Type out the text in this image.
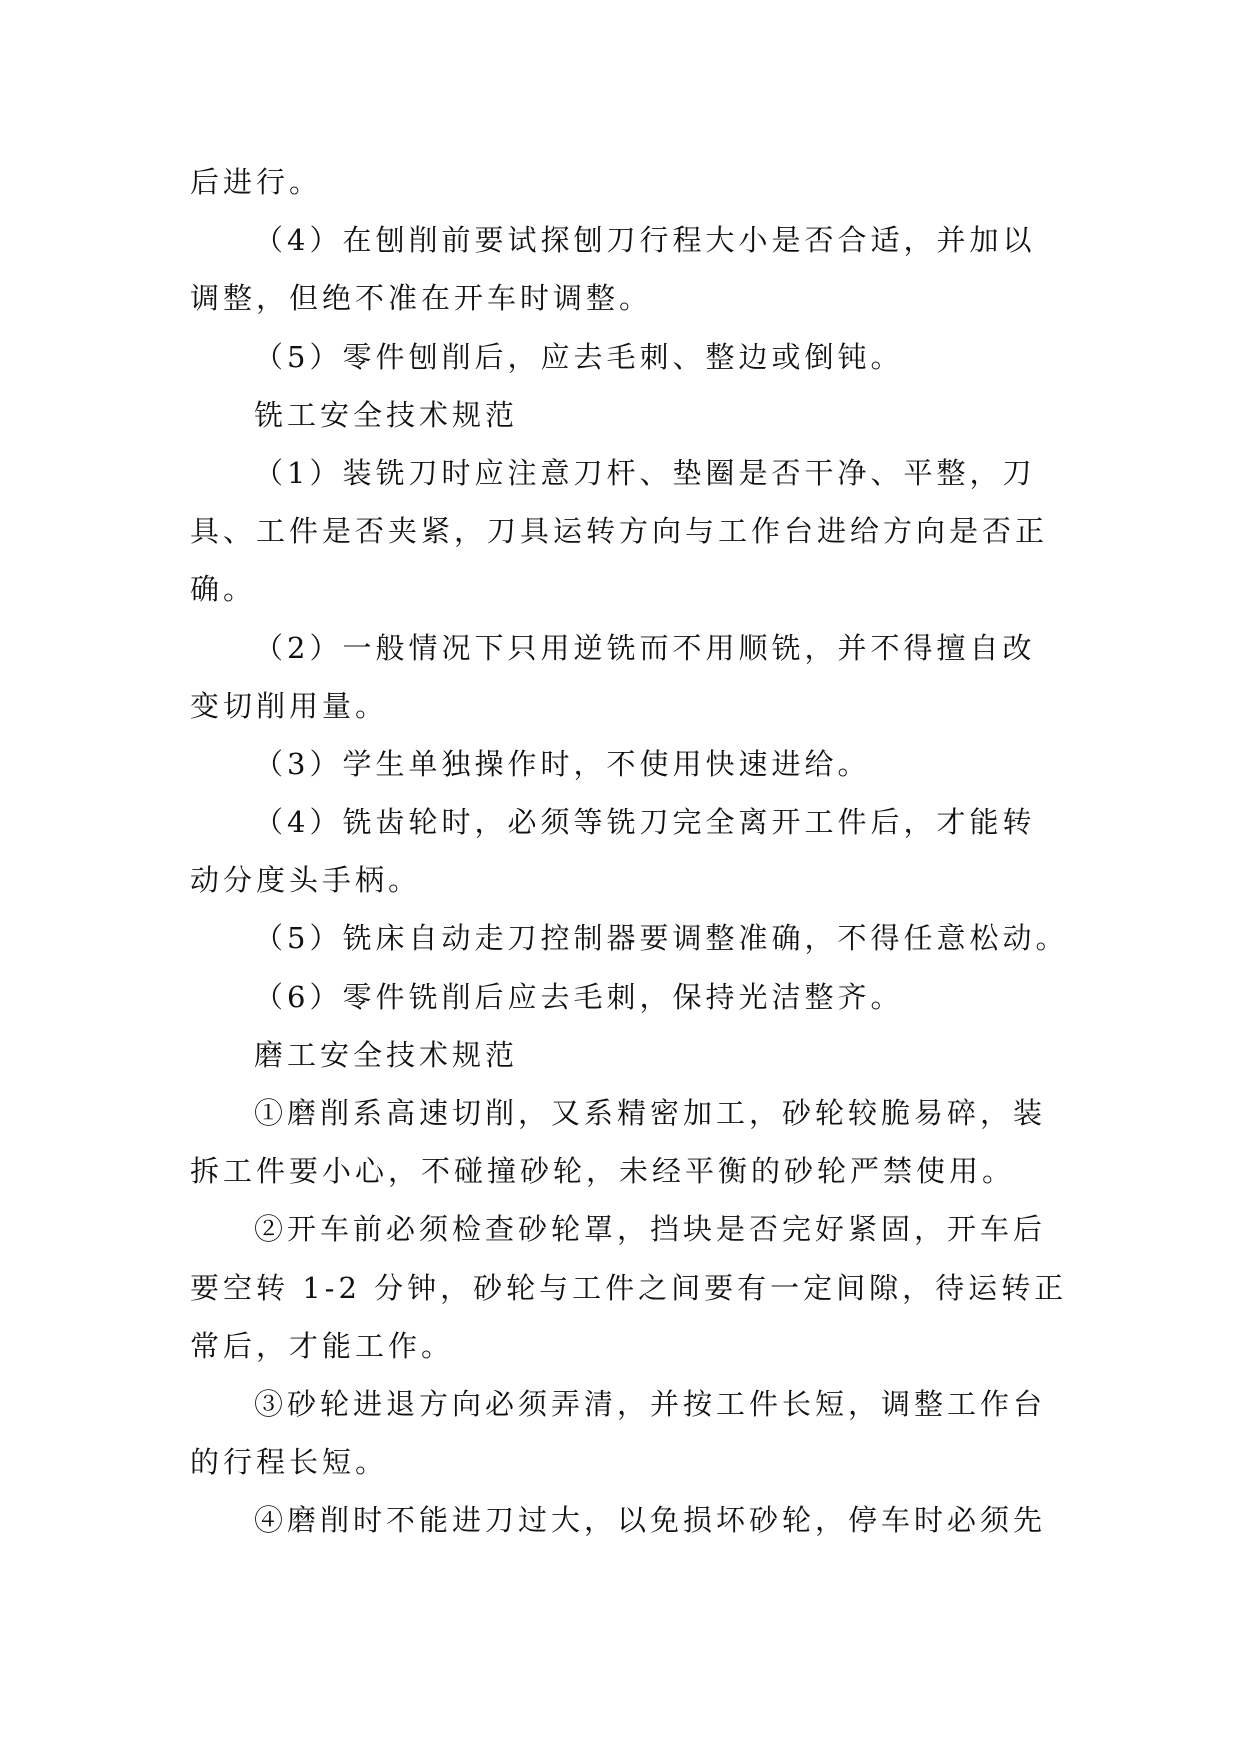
后进行。
（4）在刨削前要试探刨刀行程大小是否合适，并加以
调整，但绝不准在开车时调整。
（5）零件刨削后，应去毛刺、整边或倒钝。
铣工安全技术规范
（1）装铣刀时应注意刀杆、垫圈是否干净、平整，刀
具、工件是否夹紧，刀具运转方向与工作台进给方向是否正
确。
（2）一般情况下只用逆铣而不用顺铣，并不得擅自改
变切削用量。
（3）学生单独操作时，不使用快速进给。
（4）铣齿轮时，必须等铣刀完全离开工件后，才能转
动分度头手柄。
（5）铣床自动走刀控制器要调整准确，不得任意松动。
（6）零件铣削后应去毛刺，保持光洁整齐。
磨工安全技术规范
①磨削系高速切削，又系精密加工，砂轮较脆易碎，装
拆工件要小心，不碰撞砂轮，未经平衡的砂轮严禁使用。
②开车前必须检查砂轮罩，挡块是否完好紧固，开车后
要空转 1-2 分钟，砂轮与工件之间要有一定间隙，待运转正
常后，才能工作。
③砂轮进退方向必须弄清，并按工件长短，调整工作台
的行程长短。
④磨削时不能进刀过大，以免损坏砂轮，停车时必须先
